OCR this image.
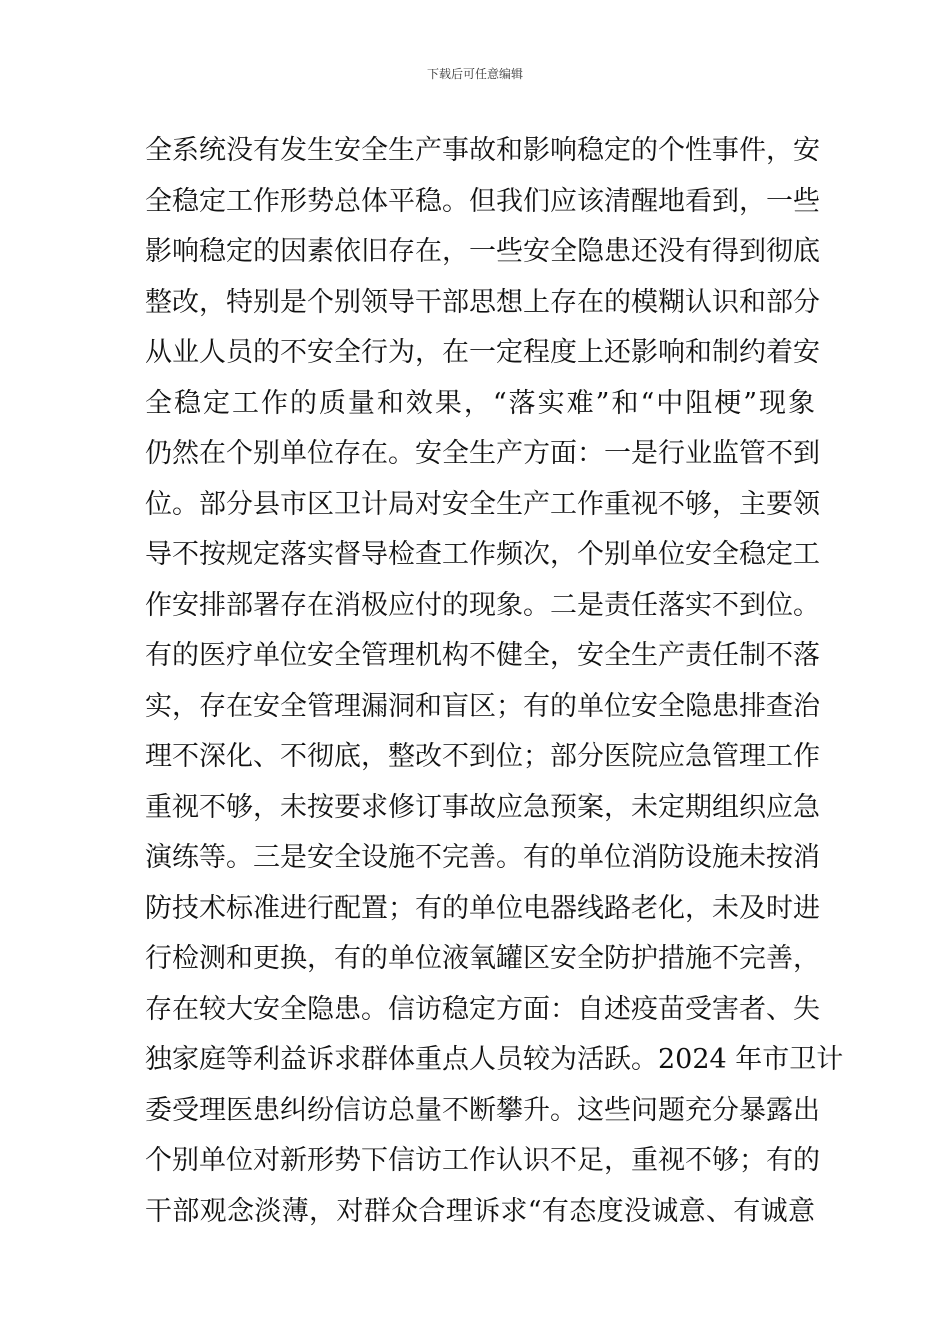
下载后可任意编辑
全系统没有发生安全生产事故和影响稳定的个性事件，安
全稳定工作形势总体平稳。但我们应该清醒地看到，一些
影响稳定的因素依旧存在，一些安全隐患还没有得到彻底
整改，特别是个别领导干部思想上存在的模糊认识和部分
从业人员的不安全行为，在一定程度上还影响和制约着安
全稳定工作的质量和效果，“落实难”和“中阻梗”现象
仍然在个别单位存在。安全生产方面：一是行业监管不到
位。部分县市区卫计局对安全生产工作重视不够，主要领
导不按规定落实督导检查工作频次，个别单位安全稳定工
作安排部署存在消极应付的现象。二是责任落实不到位。
有的医疗单位安全管理机构不健全，安全生产责任制不落
实，存在安全管理漏洞和盲区；有的单位安全隐患排查治
理不深化、不彻底，整改不到位；部分医院应急管理工作
重视不够，未按要求修订事故应急预案，未定期组织应急
演练等。三是安全设施不完善。有的单位消防设施未按消
防技术标准进行配置；有的单位电器线路老化，未及时进
行检测和更换，有的单位液氧罐区安全防护措施不完善，
存在较大安全隐患。信访稳定方面：自述疫苗受害者、失
独家庭等利益诉求群体重点人员较为活跃。2024 年市卫计
委受理医患纠纷信访总量不断攀升。这些问题充分暴露出
个别单位对新形势下信访工作认识不足，重视不够；有的
干部观念淡薄，对群众合理诉求“有态度没诚意、有诚意
